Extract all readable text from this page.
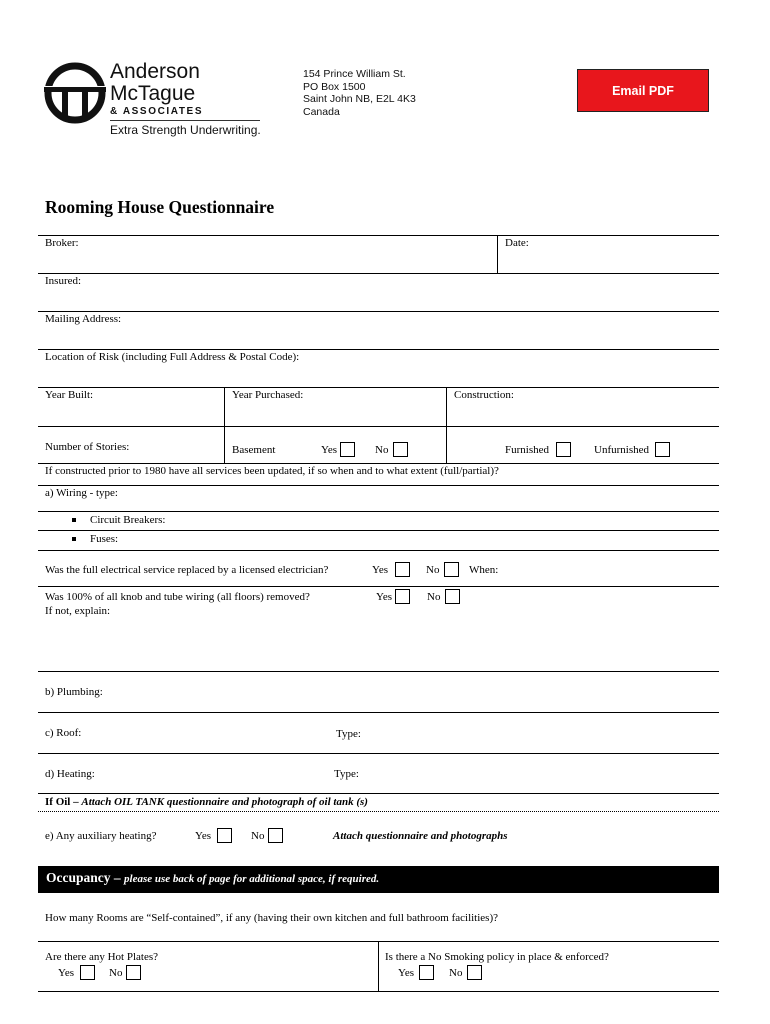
Anderson
McTague
& ASSOCIATES
Extra Strength Underwriting.
154 Prince William St.
PO Box 1500
Saint John NB, E2L 4K3
Canada
Email PDF
Rooming House Questionnaire
Broker:	Date:
Insured:
Mailing Address:
Location of Risk (including Full Address & Postal Code):
Year Built:	Year Purchased:	Construction:
Number of Stories:	Basement	Yes	No	Furnished	Unfurnished
If constructed prior to 1980 have all services been updated, if so when and to what extent (full/partial)?
a) Wiring - type:
Circuit Breakers:
Fuses:
Was the full electrical service replaced by a licensed electrician?	Yes	No	When:
Was 100% of all knob and tube wiring (all floors) removed?
If not, explain:
Yes	No
b) Plumbing:
c) Roof:	Type:
d) Heating:	Type:
If Oil – Attach OIL TANK questionnaire and photograph of oil tank (s)
e) Any auxiliary heating?	Yes	No	Attach questionnaire and photographs
Occupancy – please use back of page for additional space, if required.
How many Rooms are “Self-contained”, if any (having their own kitchen and full bathroom facilities)?
Are there any Hot Plates?
Yes	No
Is there a No Smoking policy in place & enforced?
Yes	No
